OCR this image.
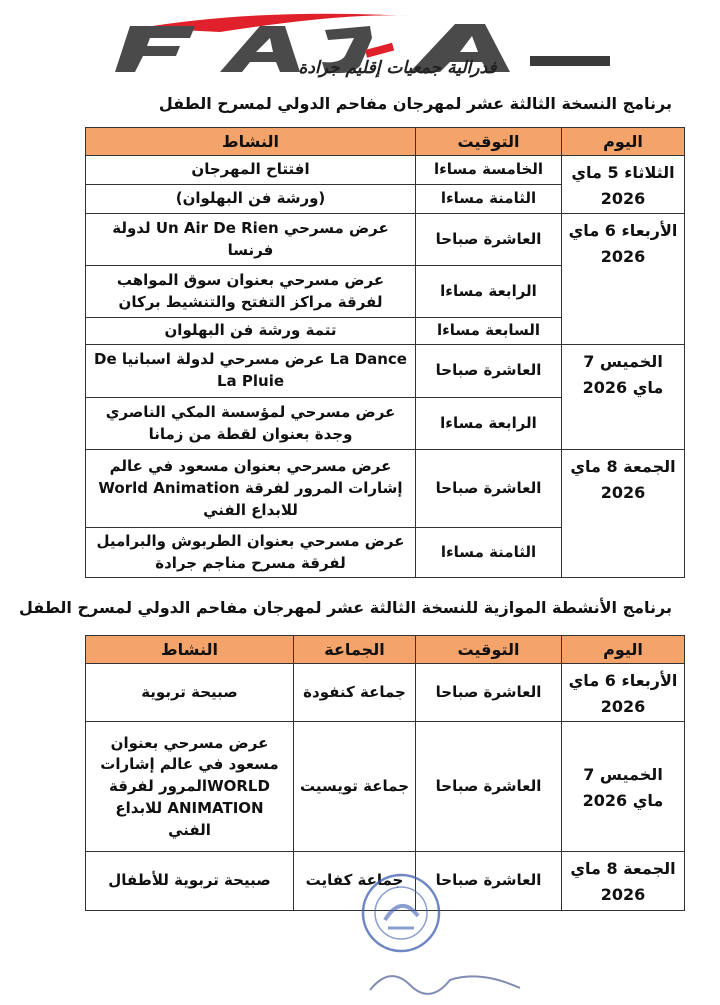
فدرالية جمعيات إقليم جرادة
برنامج النسخة الثالثة عشر لمهرجان مفاحم الدولي لمسرح الطفل
اليوم	التوقيت	النشاط
الثلاثاء 5 ماي 2026	الخامسة مساءا	افتتاح المهرجان
	الثامنة مساءا	(ورشة فن البهلوان)
الأربعاء 6 ماي 2026	العاشرة صباحا	عرض مسرحي Un Air De Rien لدولة فرنسا
	الرابعة مساءا	عرض مسرحي بعنوان سوق المواهب لفرقة مراكز التفتح والتنشيط بركان
	السابعة مساءا	تتمة ورشة فن البهلوان
الخميس 7 ماي 2026	العاشرة صباحا	La Dance عرض مسرحي لدولة اسبانيا De La Pluie
	الرابعة مساءا	عرض مسرحي لمؤسسة المكي الناصري وجدة بعنوان لقطة من زمانا
الجمعة 8 ماي 2026	العاشرة صباحا	عرض مسرحي بعنوان مسعود في عالم إشارات المرور لفرقة World Animation للابداع الفني
	الثامنة مساءا	عرض مسرحي بعنوان الطربوش والبراميل لفرقة مسرح مناجم جرادة
برنامج الأنشطة الموازية للنسخة الثالثة عشر لمهرجان مفاحم الدولي لمسرح الطفل
اليوم	التوقيت	الجماعة	النشاط
الأربعاء 6 ماي 2026	العاشرة صباحا	جماعة كنفودة	صبيحة تربوية
الخميس 7 ماي 2026	العاشرة صباحا	جماعة تويسيت	عرض مسرحي بعنوان مسعود في عالم إشارات WORLDالمرور لفرقة ANIMATION للابداع الفني
الجمعة 8 ماي 2026	العاشرة صباحا	جماعة كفايت	صبيحة تربوية للأطفال
